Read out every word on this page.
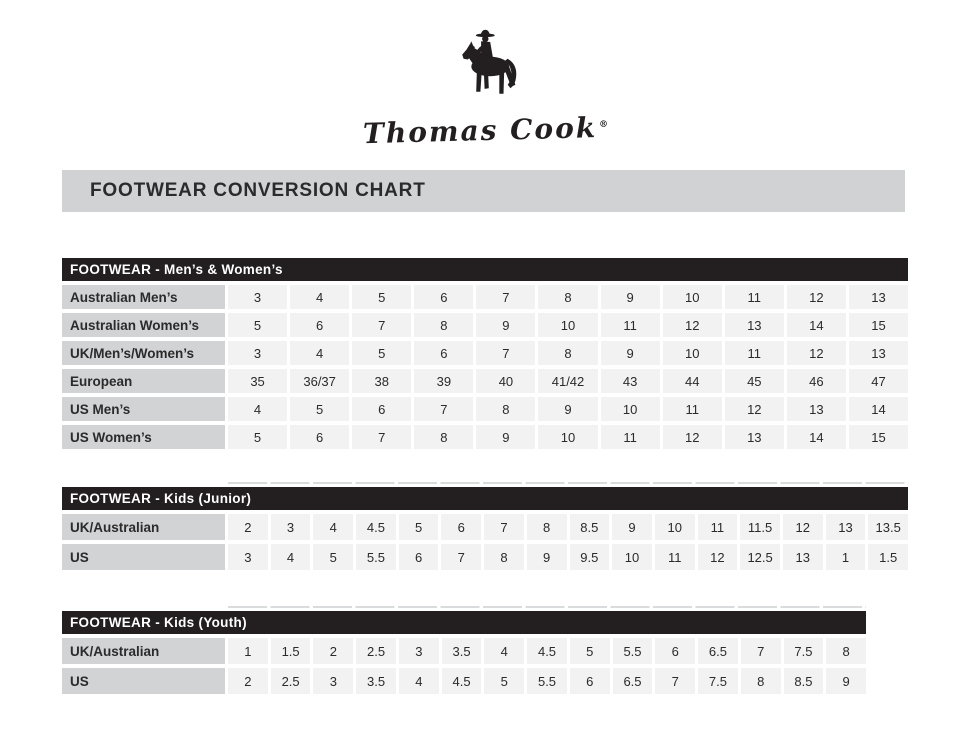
Thomas Cook®
FOOTWEAR CONVERSION CHART
FOOTWEAR - Men’s & Women’s
Australian Men’s	3	4	5	6	7	8	9	10	11	12	13
Australian Women’s	5	6	7	8	9	10	11	12	13	14	15
UK/Men’s/Women’s	3	4	5	6	7	8	9	10	11	12	13
European	35	36/37	38	39	40	41/42	43	44	45	46	47
US Men’s	4	5	6	7	8	9	10	11	12	13	14
US Women’s	5	6	7	8	9	10	11	12	13	14	15
FOOTWEAR - Kids (Junior)
UK/Australian	2	3	4	4.5	5	6	7	8	8.5	9	10	11	11.5	12	13	13.5
US	3	4	5	5.5	6	7	8	9	9.5	10	11	12	12.5	13	1	1.5
FOOTWEAR - Kids (Youth)
UK/Australian	1	1.5	2	2.5	3	3.5	4	4.5	5	5.5	6	6.5	7	7.5	8
US	2	2.5	3	3.5	4	4.5	5	5.5	6	6.5	7	7.5	8	8.5	9
